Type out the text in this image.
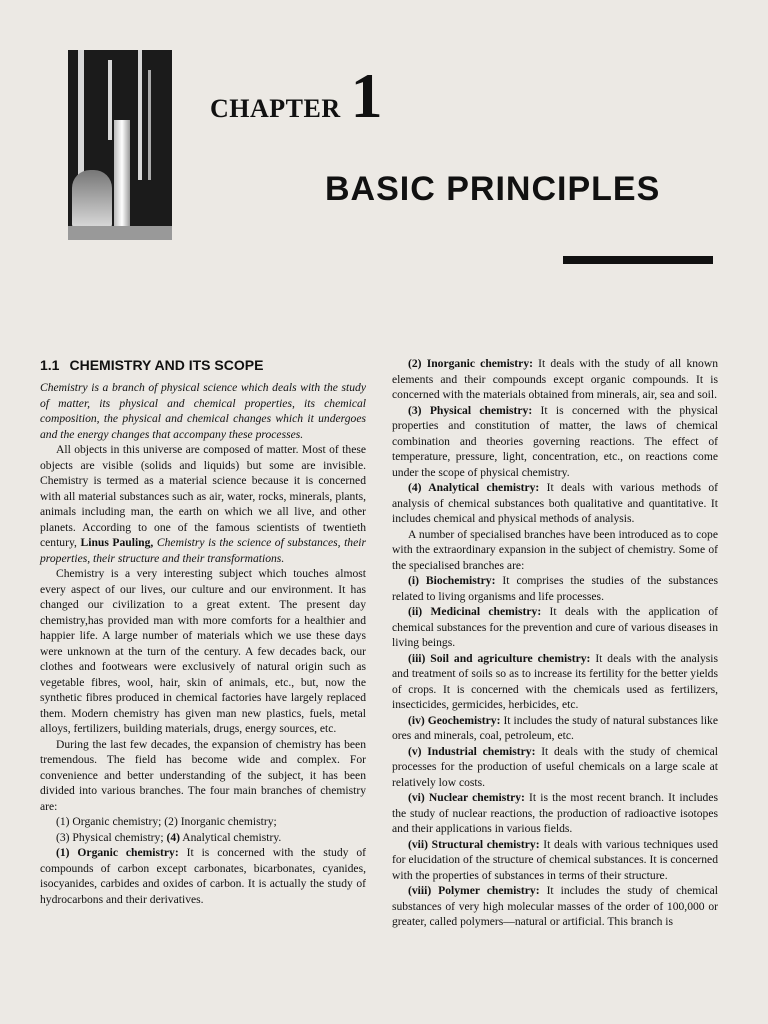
CHAPTER 1
BASIC PRINCIPLES
1.1 CHEMISTRY AND ITS SCOPE

Chemistry is a branch of physical science which deals with the study of matter, its physical and chemical properties, its chemical composition, the physical and chemical changes which it undergoes and the energy changes that accompany these processes.

All objects in this universe are composed of matter. Most of these objects are visible (solids and liquids) but some are invisible. Chemistry is termed as a material science because it is concerned with all material substances such as air, water, rocks, minerals, plants, animals including man, the earth on which we all live, and other planets. According to one of the famous scientists of twentieth century, Linus Pauling, Chemistry is the science of substances, their properties, their structure and their transformations.

Chemistry is a very interesting subject which touches almost every aspect of our lives, our culture and our environment. It has changed our civilization to a great extent. The present day chemistry,has provided man with more comforts for a healthier and happier life. A large number of materials which we use these days were unknown at the turn of the century. A few decades back, our clothes and footwears were exclusively of natural origin such as vegetable fibres, wool, hair, skin of animals, etc., but, now the synthetic fibres produced in chemical factories have largely replaced them. Modern chemistry has given man new plastics, fuels, metal alloys, fertilizers, building materials, drugs, energy sources, etc.

During the last few decades, the expansion of chemistry has been tremendous. The field has become wide and complex. For convenience and better understanding of the subject, it has been divided into various branches. The four main branches of chemistry are:

(1) Organic chemistry; (2) Inorganic chemistry;

(3) Physical chemistry; (4) Analytical chemistry.

(1) Organic chemistry: It is concerned with the study of compounds of carbon except carbonates, bicarbonates, cyanides, isocyanides, carbides and oxides of carbon. It is actually the study of hydrocarbons and their derivatives.

(2) Inorganic chemistry: It deals with the study of all known elements and their compounds except organic compounds. It is concerned with the materials obtained from minerals, air, sea and soil.

(3) Physical chemistry: It is concerned with the physical properties and constitution of matter, the laws of chemical combination and theories governing reactions. The effect of temperature, pressure, light, concentration, etc., on reactions come under the scope of physical chemistry.

(4) Analytical chemistry: It deals with various methods of analysis of chemical substances both qualitative and quantitative. It includes chemical and physical methods of analysis.

A number of specialised branches have been introduced as to cope with the extraordinary expansion in the subject of chemistry. Some of the specialised branches are:

(i) Biochemistry: It comprises the studies of the substances related to living organisms and life processes.

(ii) Medicinal chemistry: It deals with the application of chemical substances for the prevention and cure of various diseases in living beings.

(iii) Soil and agriculture chemistry: It deals with the analysis and treatment of soils so as to increase its fertility for the better yields of crops. It is concerned with the chemicals used as fertilizers, insecticides, germicides, herbicides, etc.

(iv) Geochemistry: It includes the study of natural substances like ores and minerals, coal, petroleum, etc.

(v) Industrial chemistry: It deals with the study of chemical processes for the production of useful chemicals on a large scale at relatively low costs.

(vi) Nuclear chemistry: It is the most recent branch. It includes the study of nuclear reactions, the production of radioactive isotopes and their applications in various fields.

(vii) Structural chemistry: It deals with various techniques used for elucidation of the structure of chemical substances. It is concerned with the properties of substances in terms of their structure.

(viii) Polymer chemistry: It includes the study of chemical substances of very high molecular masses of the order of 100,000 or greater, called polymers—natural or artificial. This branch is
